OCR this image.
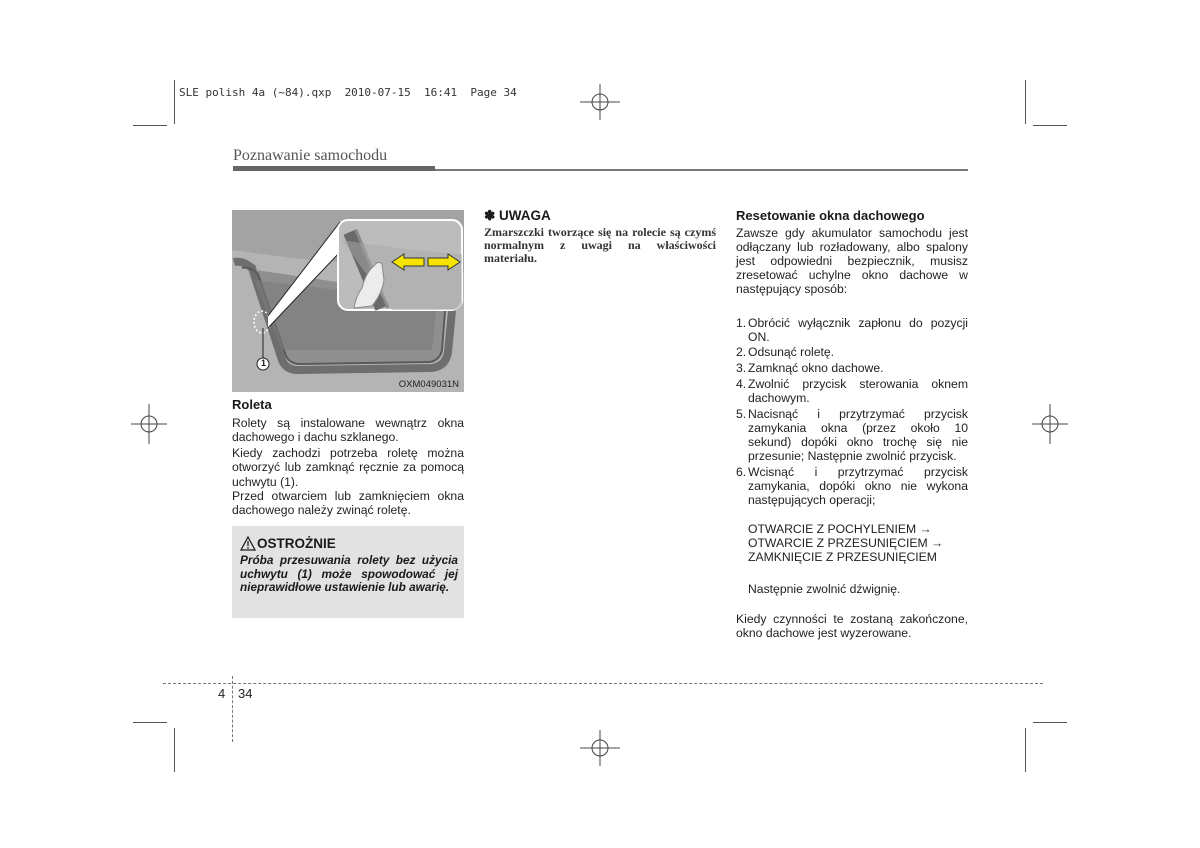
SLE polish 4a (~84).qxp  2010-07-15  16:41  Page 34
Poznawanie samochodu
1
OXM049031N
Roleta
Rolety są instalowane wewnątrz okna dachowego i dachu szklanego.
Kiedy zachodzi potrzeba roletę można otworzyć lub zamknąć ręcznie za pomocą uchwytu (1).
Przed otwarciem lub zamknięciem okna dachowego należy zwinąć roletę.
OSTROŻNIE
Próba przesuwania rolety bez użycia uchwytu (1) może spowodować jej nieprawidłowe ustawienie lub awarię.
✽ UWAGA
Zmarszczki tworzące się na rolecie są czymś normalnym z uwagi na właściwości materiału.
Resetowanie okna dachowego
Zawsze gdy akumulator samochodu jest odłączany lub rozładowany, albo spalony jest odpowiedni bezpiecznik, musisz zresetować uchylne okno dachowe w następujący sposób:
1. Obrócić wyłącznik zapłonu do pozycji ON.
2. Odsunąć roletę.
3. Zamknąć okno dachowe.
4. Zwolnić przycisk sterowania oknem dachowym.
5. Nacisnąć i przytrzymać przycisk zamykania okna (przez około 10 sekund) dopóki okno trochę się nie przesunie; Następnie zwolnić przycisk.
6. Wcisnąć i przytrzymać przycisk zamykania, dopóki okno nie wykona następujących operacji;
OTWARCIE Z POCHYLENIEM →
OTWARCIE Z PRZESUNIĘCIEM →
ZAMKNIĘCIE Z PRZESUNIĘCIEM
Następnie zwolnić dźwignię.
Kiedy czynności te zostaną zakończone, okno dachowe jest wyzerowane.
4 34
